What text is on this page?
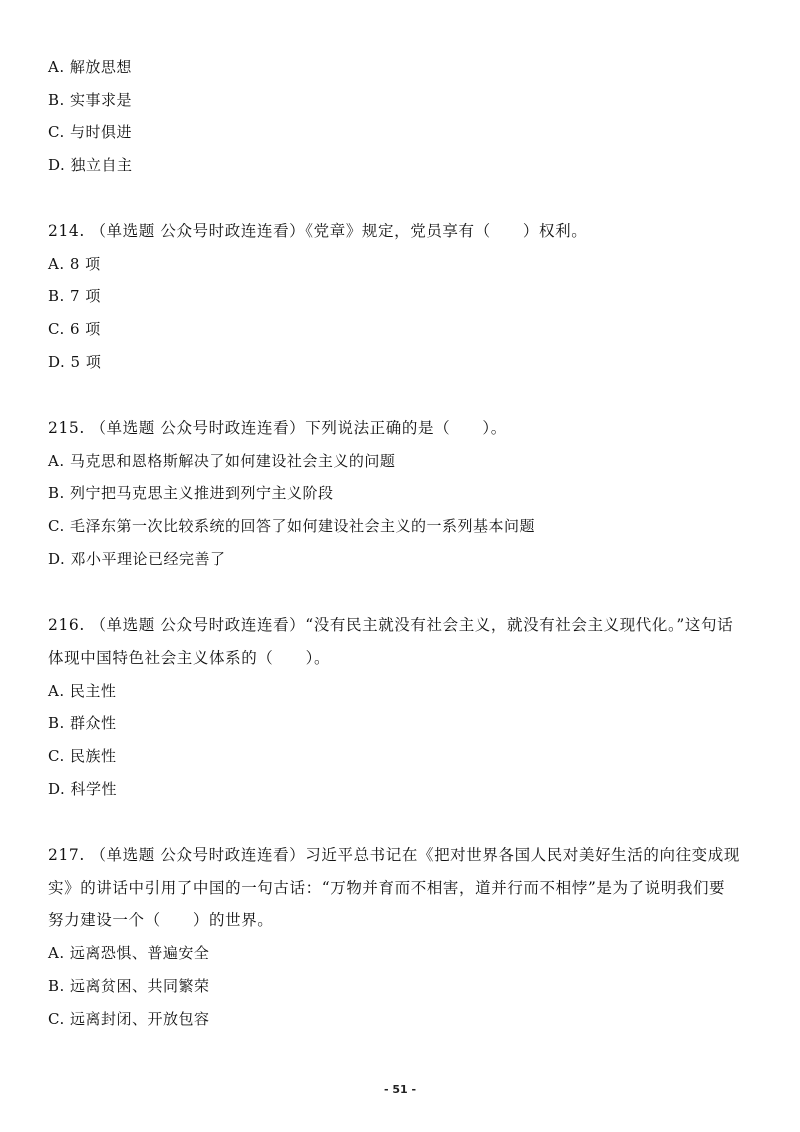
A. 解放思想
B. 实事求是
C. 与时俱进
D. 独立自主
214. （单选题 公众号时政连连看）《党章》规定，党员享有（　　）权利。
A. 8 项
B. 7 项
C. 6 项
D. 5 项
215. （单选题 公众号时政连连看）下列说法正确的是（　　）。
A. 马克思和恩格斯解决了如何建设社会主义的问题
B. 列宁把马克思主义推进到列宁主义阶段
C. 毛泽东第一次比较系统的回答了如何建设社会主义的一系列基本问题
D. 邓小平理论已经完善了
216. （单选题 公众号时政连连看）“没有民主就没有社会主义，就没有社会主义现代化。”这句话
体现中国特色社会主义体系的（　　）。
A. 民主性
B. 群众性
C. 民族性
D. 科学性
217. （单选题 公众号时政连连看）习近平总书记在《把对世界各国人民对美好生活的向往变成现
实》的讲话中引用了中国的一句古话：“万物并育而不相害，道并行而不相悖”是为了说明我们要
努力建设一个（　　）的世界。
A. 远离恐惧、普遍安全
B. 远离贫困、共同繁荣
C. 远离封闭、开放包容
- 51 -
